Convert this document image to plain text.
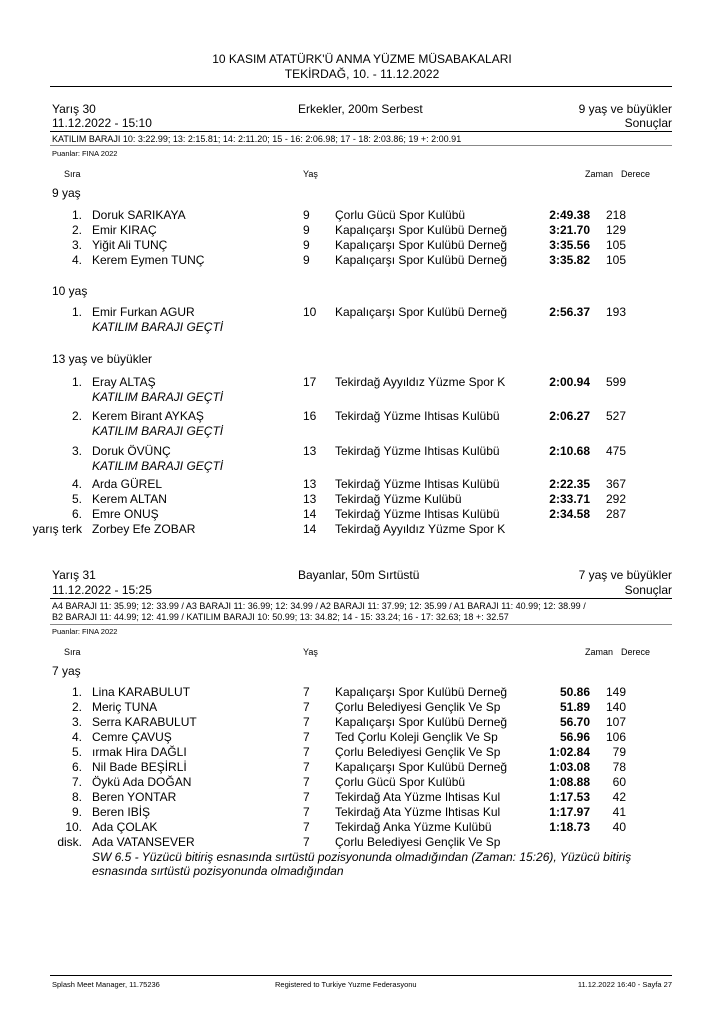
10 KASIM ATATÜRK'Ü ANMA YÜZME MÜSABAKALARI
TEKİRDAĞ, 10. - 11.12.2022
Yarış 30
11.12.2022 - 15:10
Erkekler, 200m Serbest	9 yaş ve büyükler
Sonuçlar
KATILIM BARAJI 10: 3:22.99; 13: 2:15.81; 14: 2:11.20; 15 - 16: 2:06.98; 17 - 18: 2:03.86; 19 +: 2:00.91
Puanlar: FINA 2022
Sıra	Yaş	Zaman Derece
9 yaş
1. Doruk SARIKAYA	9 Çorlu Gücü Spor Kulübü	2:49.38 218
2. Emir KIRAÇ	9 Kapalıçarşı Spor Kulübü Derneğ	3:21.70 129
3. Yiğit Ali TUNÇ	9 Kapalıçarşı Spor Kulübü Derneğ	3:35.56 105
4. Kerem Eymen TUNÇ	9 Kapalıçarşı Spor Kulübü Derneğ	3:35.82 105
10 yaş
1. Emir Furkan AGUR	10 Kapalıçarşı Spor Kulübü Derneğ	2:56.37 193
KATILIM BARAJI GEÇTİ
13 yaş ve büyükler
1. Eray ALTAŞ	17 Tekirdağ Ayyıldız Yüzme Spor K	2:00.94 599
KATILIM BARAJI GEÇTİ
2. Kerem Birant AYKAŞ	16 Tekirdağ Yüzme Ihtisas Kulübü	2:06.27 527
KATILIM BARAJI GEÇTİ
3. Doruk ÖVÜNÇ	13 Tekirdağ Yüzme Ihtisas Kulübü	2:10.68 475
KATILIM BARAJI GEÇTİ
4. Arda GÜREL	13 Tekirdağ Yüzme Ihtisas Kulübü	2:22.35 367
5. Kerem ALTAN	13 Tekirdağ Yüzme Kulübü	2:33.71 292
6. Emre ONUŞ	14 Tekirdağ Yüzme Ihtisas Kulübü	2:34.58 287
yarış terk Zorbey Efe ZOBAR	14 Tekirdağ Ayyıldız Yüzme Spor K
Yarış 31
11.12.2022 - 15:25
Bayanlar, 50m Sırtüstü	7 yaş ve büyükler
Sonuçlar
A4 BARAJI 11: 35.99; 12: 33.99 / A3 BARAJI 11: 36.99; 12: 34.99 / A2 BARAJI 11: 37.99; 12: 35.99 / A1 BARAJI 11: 40.99; 12: 38.99 /
B2 BARAJI 11: 44.99; 12: 41.99 / KATILIM BARAJI 10: 50.99; 13: 34.82; 14 - 15: 33.24; 16 - 17: 32.63; 18 +: 32.57
Puanlar: FINA 2022
Sıra	Yaş	Zaman Derece
7 yaş
1. Lina KARABULUT	7 Kapalıçarşı Spor Kulübü Derneğ	50.86 149
2. Meriç TUNA	7 Çorlu Belediyesi Gençlik Ve Sp	51.89 140
3. Serra KARABULUT	7 Kapalıçarşı Spor Kulübü Derneğ	56.70 107
4. Cemre ÇAVUŞ	7 Ted Çorlu Koleji Gençlik Ve Sp	56.96 106
5. ırmak Hira DAĞLI	7 Çorlu Belediyesi Gençlik Ve Sp	1:02.84 79
6. Nil Bade BEŞİRLİ	7 Kapalıçarşı Spor Kulübü Derneğ	1:03.08 78
7. Öykü Ada DOĞAN	7 Çorlu Gücü Spor Kulübü	1:08.88 60
8. Beren YONTAR	7 Tekirdağ Ata Yüzme Ihtisas Kul	1:17.53 42
9. Beren IBİŞ	7 Tekirdağ Ata Yüzme Ihtisas Kul	1:17.97 41
10. Ada ÇOLAK	7 Tekirdağ Anka Yüzme Kulübü	1:18.73 40
disk. Ada VATANSEVER	7 Çorlu Belediyesi Gençlik Ve Sp
SW 6.5 - Yüzücü bitiriş esnasında sırtüstü pozisyonunda olmadığından (Zaman: 15:26), Yüzücü bitiriş
esnasında sırtüstü pozisyonunda olmadığından
Splash Meet Manager, 11.75236	Registered to Turkiye Yuzme Federasyonu	11.12.2022 16:40 - Sayfa 27
